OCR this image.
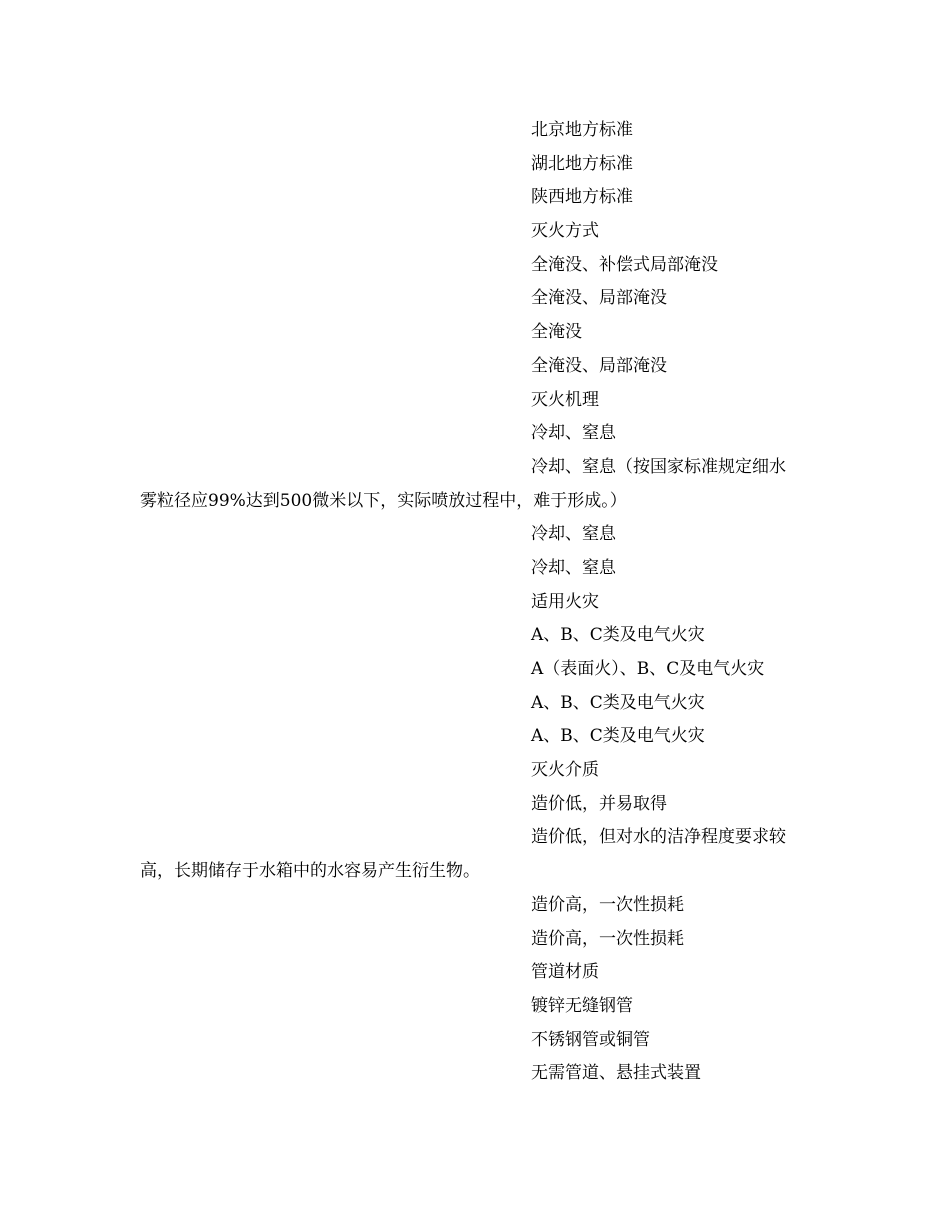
北京地方标准
湖北地方标准
陕西地方标准
灭火方式
全淹没、补偿式局部淹没
全淹没、局部淹没
全淹没
全淹没、局部淹没
灭火机理
冷却、窒息
冷却、窒息（按国家标准规定细水
雾粒径应99%达到500微米以下，实际喷放过程中，难于形成。）
冷却、窒息
冷却、窒息
适用火灾
A、B、C类及电气火灾
A（表面火）、B、C及电气火灾
A、B、C类及电气火灾
A、B、C类及电气火灾
灭火介质
造价低，并易取得
造价低，但对水的洁净程度要求较
高，长期储存于水箱中的水容易产生衍生物。
造价高，一次性损耗
造价高，一次性损耗
管道材质
镀锌无缝钢管
不锈钢管或铜管
无需管道、悬挂式装置
